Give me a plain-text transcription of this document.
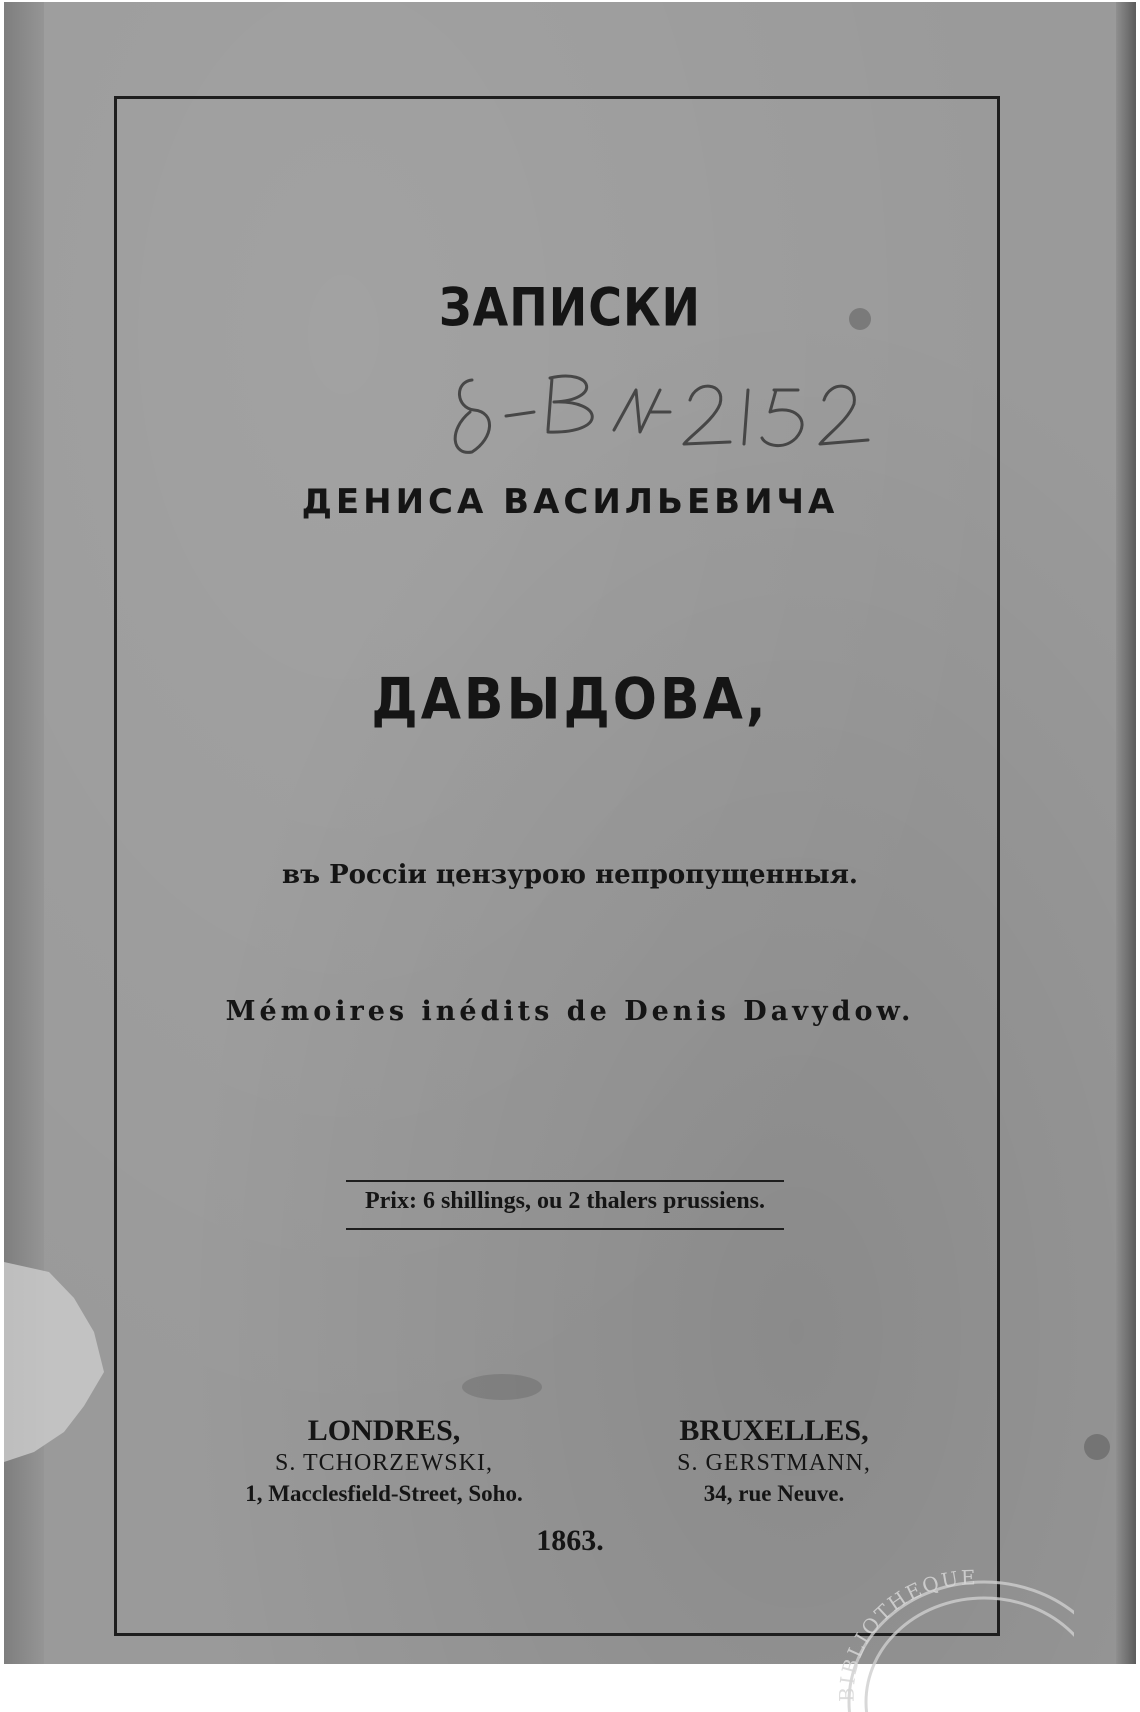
ЗАПИСКИ
ДЕНИСА ВАСИЛЬЕВИЧА
ДАВЫДОВА,
въ Россіи цензурою непропущенныя.
Mémoires inédits de Denis Davydow.
Prix: 6 shillings, ou 2 thalers prussiens.
LONDRES,
S. TCHORZEWSKI,
1, Macclesfield-Street, Soho.
BRUXELLES,
S. GERSTMANN,
34, rue Neuve.
1863.
BIBLIOTHEQUE
